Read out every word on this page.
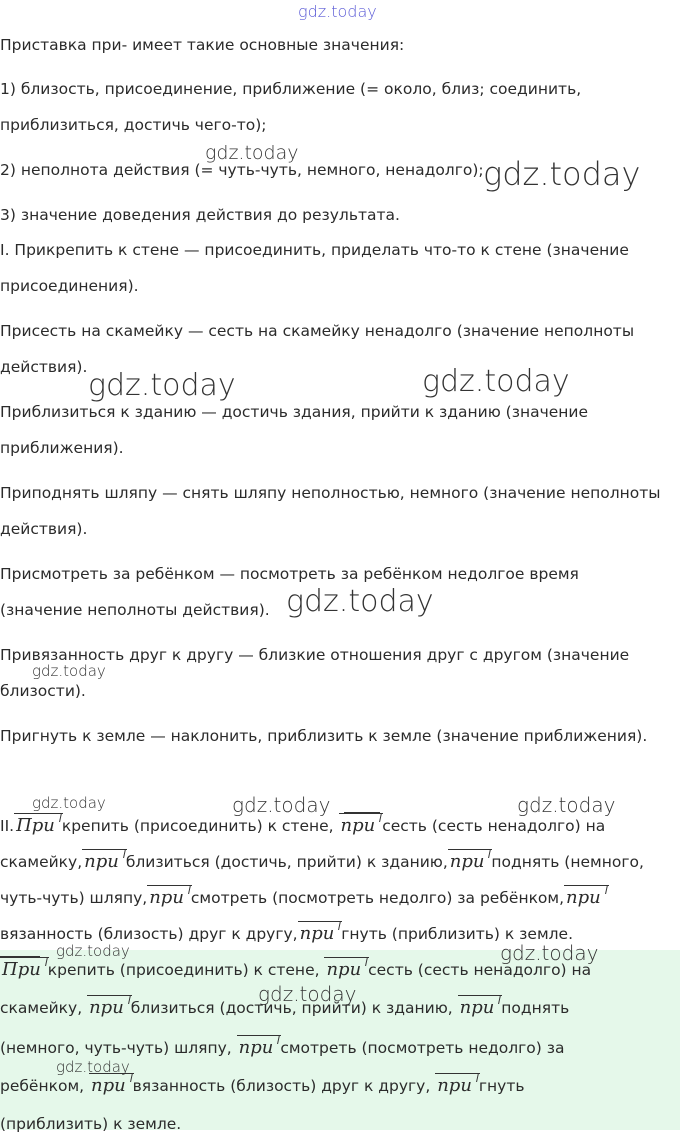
gdz.today
Приставка при- имеет такие основные значения:
1) близость, присоединение, приближение (= около, близ; соединить,
приблизиться, достичь чего-то);
2) неполнота действия (= чуть-чуть, немного, ненадолго);
3) значение доведения действия до результата.
I. Прикрепить к стене — присоединить, приделать что-то к стене (значение
присоединения).
Присесть на скамейку — сесть на скамейку ненадолго (значение неполноты
действия).
Приблизиться к зданию — достичь здания, прийти к зданию (значение
приближения).
Приподнять шляпу — снять шляпу неполностью, немного (значение неполноты
действия).
Присмотреть за ребёнком — посмотреть за ребёнком недолгое время
(значение неполноты действия).
Привязанность друг к другу — близкие отношения друг с другом (значение
близости).
Пригнуть к земле — наклонить, приблизить к земле (значение приближения).
II. При крепить (присоединить) к стене, при сесть (сесть ненадолго) на
скамейку, при близиться (достичь, прийти) к зданию, при поднять (немного,
чуть-чуть) шляпу, при смотреть (посмотреть недолго) за ребёнком, при
вязанность (близость) друг к другу, при гнуть (приблизить) к земле.
При крепить (присоединить) к стене, при сесть (сесть ненадолго) на
скамейку, при близиться (достичь, прийти) к зданию, при поднять
(немного, чуть-чуть) шляпу, при смотреть (посмотреть недолго) за
ребёнком, при вязанность (близость) друг к другу, при гнуть
(приблизить) к земле.
gdz.today
gdz.today
gdz.today	gdz.today
gdz.today
gdz.today
gdz.today	gdz.today	gdz.today
gdz.today	gdz.today
gdz.today
gdz.today
